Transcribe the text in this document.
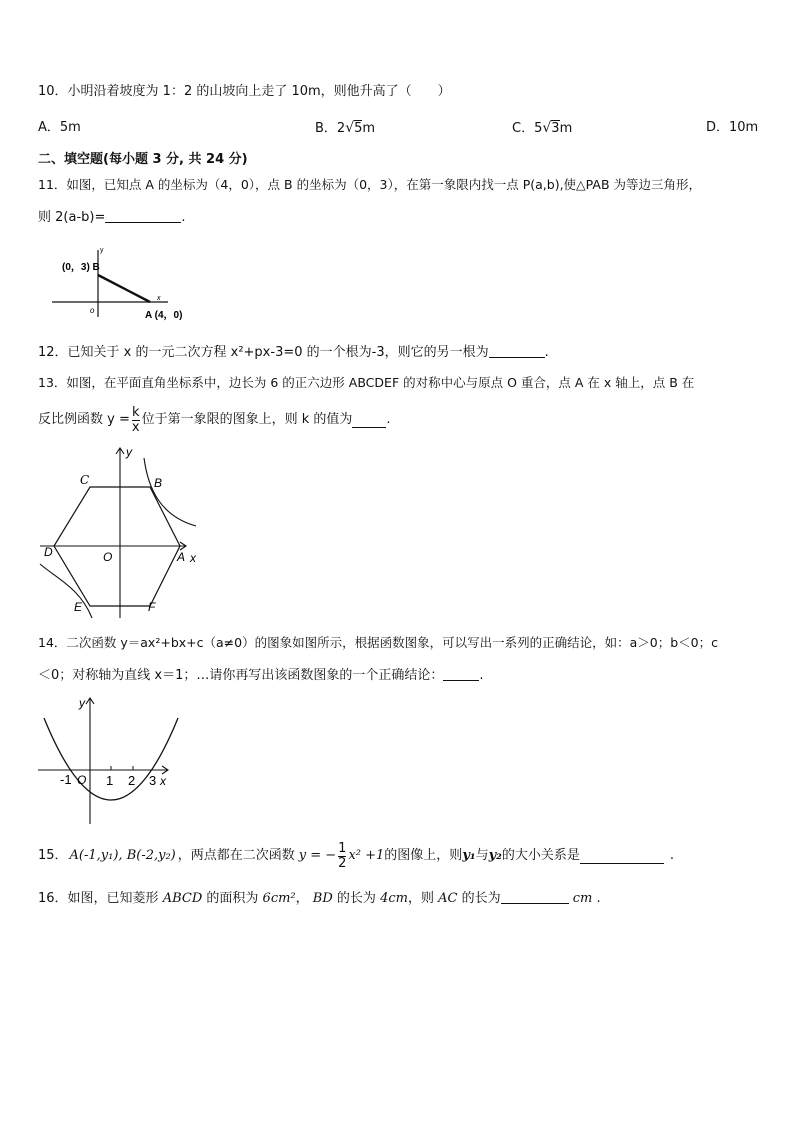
10．小明沿着坡度为 1：2 的山坡向上走了 10m，则他升高了（　　）
A．5m	B．2√5m	C．5√3m	D．10m
二、填空题(每小题 3 分, 共 24 分)
11．如图，已知点 A 的坐标为（4，0），点 B 的坐标为（0，3），在第一象限内找一点 P(a,b),使△PAB 为等边三角形，
则 2(a-b)=	.
y
x
(0，3) B
o	A (4，0)
12．已知关于 x 的一元二次方程 x²+px-3=0 的一个根为-3，则它的另一根为	.
13．如图，在平面直角坐标系中，边长为 6 的正六边形 ABCDEF 的对称中心与原点 O 重合，点 A 在 x 轴上，点 B 在
反比例函数 $y = \frac{k}{x}$ 位于第一象限的图象上，则 k 的值为	.
C	B
D	O	A x
y
E	F
14．二次函数 y＝ax²+bx+c（a≠0）的图象如图所示，根据函数图象，可以写出一系列的正确结论，如：a＞0；b＜0；c
＜0；对称轴为直线 x＝1；…请你再写出该函数图象的一个正确结论：	.
y
x
-1 O 1 2 3
15． A(-1,y₁), B(-2,y₂) ，两点都在二次函数 y = − $\frac{1}{2} x^2 +1$ 的图像上，则 y₁ 与 y₂ 的大小关系是	.
16．如图，已知菱形 ABCD 的面积为 6cm²， BD 的长为 4cm，则 AC 的长为	cm .
